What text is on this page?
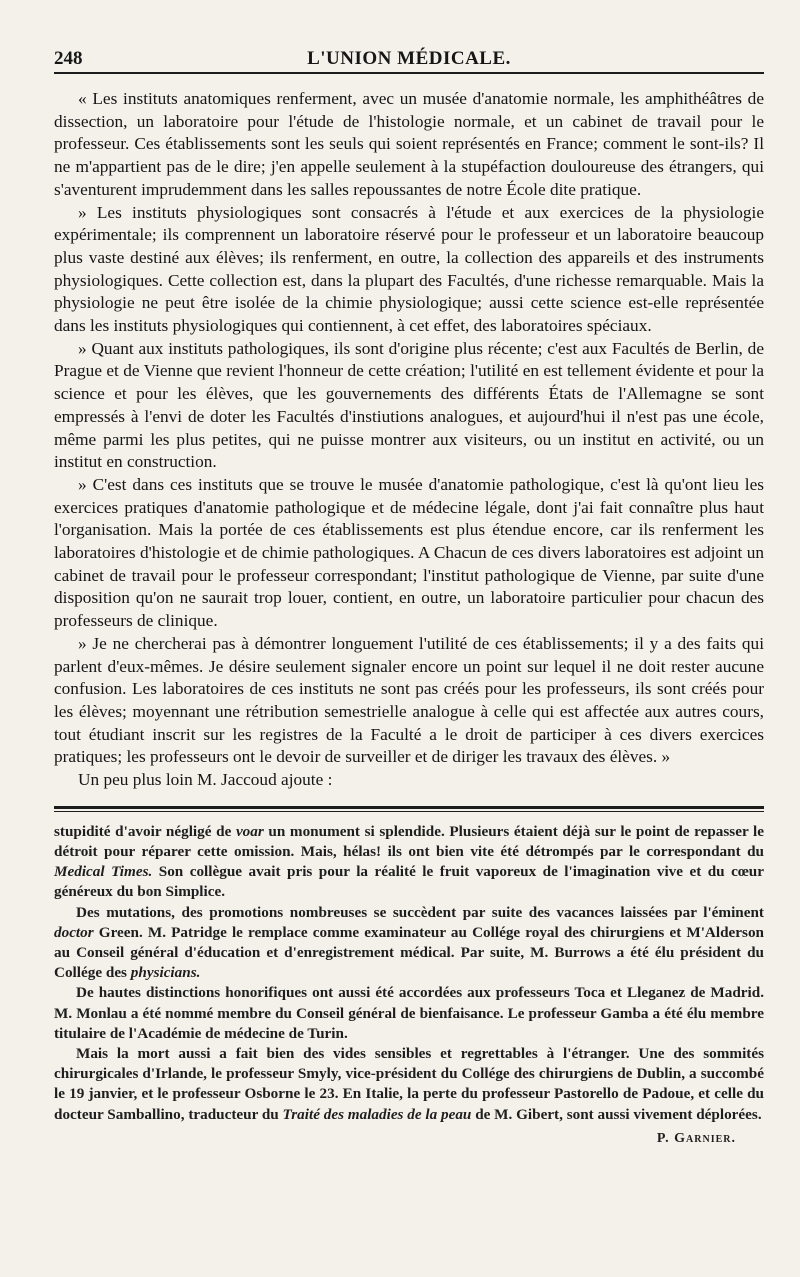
248	L'UNION MÉDICALE.

« Les instituts anatomiques renferment, avec un musée d'anatomie normale, les amphithéâtres de dissection, un laboratoire pour l'étude de l'histologie normale, et un cabinet de travail pour le professeur. Ces établissements sont les seuls qui soient représentés en France; comment le sont-ils? Il ne m'appartient pas de le dire; j'en appelle seulement à la stupéfaction douloureuse des étrangers, qui s'aventurent imprudemment dans les salles repoussantes de notre École dite pratique.

» Les instituts physiologiques sont consacrés à l'étude et aux exercices de la physiologie expérimentale; ils comprennent un laboratoire réservé pour le professeur et un laboratoire beaucoup plus vaste destiné aux élèves; ils renferment, en outre, la collection des appareils et des instruments physiologiques. Cette collection est, dans la plupart des Facultés, d'une richesse remarquable. Mais la physiologie ne peut être isolée de la chimie physiologique; aussi cette science est-elle représentée dans les instituts physiologiques qui contiennent, à cet effet, des laboratoires spéciaux.

» Quant aux instituts pathologiques, ils sont d'origine plus récente; c'est aux Facultés de Berlin, de Prague et de Vienne que revient l'honneur de cette création; l'utilité en est tellement évidente et pour la science et pour les élèves, que les gouvernements des différents États de l'Allemagne se sont empressés à l'envi de doter les Facultés d'instiutions analogues, et aujourd'hui il n'est pas une école, même parmi les plus petites, qui ne puisse montrer aux visiteurs, ou un institut en activité, ou un institut en construction.

» C'est dans ces instituts que se trouve le musée d'anatomie pathologique, c'est là qu'ont lieu les exercices pratiques d'anatomie pathologique et de médecine légale, dont j'ai fait connaître plus haut l'organisation. Mais la portée de ces établissements est plus étendue encore, car ils renferment les laboratoires d'histologie et de chimie pathologiques. A Chacun de ces divers laboratoires est adjoint un cabinet de travail pour le professeur correspondant; l'institut pathologique de Vienne, par suite d'une disposition qu'on ne saurait trop louer, contient, en outre, un laboratoire particulier pour chacun des professeurs de clinique.

» Je ne chercherai pas à démontrer longuement l'utilité de ces établissements; il y a des faits qui parlent d'eux-mêmes. Je désire seulement signaler encore un point sur lequel il ne doit rester aucune confusion. Les laboratoires de ces instituts ne sont pas créés pour les professeurs, ils sont créés pour les élèves; moyennant une rétribution semestrielle analogue à celle qui est affectée aux autres cours, tout étudiant inscrit sur les registres de la Faculté a le droit de participer à ces divers exercices pratiques; les professeurs ont le devoir de surveiller et de diriger les travaux des élèves. »

Un peu plus loin M. Jaccoud ajoute :

stupidité d'avoir négligé de voar un monument si splendide. Plusieurs étaient déjà sur le point de repasser le détroit pour réparer cette omission. Mais, hélas! ils ont bien vite été détrompés par le correspondant du Medical Times. Son collègue avait pris pour la réalité le fruit vaporeux de l'imagination vive et du cœur généreux du bon Simplice.

Des mutations, des promotions nombreuses se succèdent par suite des vacances laissées par l'éminent doctor Green. M. Patridge le remplace comme examinateur au Collége royal des chirurgiens et M'Alderson au Conseil général d'éducation et d'enregistrement médical. Par suite, M. Burrows a été élu président du Collége des physicians.

De hautes distinctions honorifiques ont aussi été accordées aux professeurs Toca et Lleganez de Madrid. M. Monlau a été nommé membre du Conseil général de bienfaisance. Le professeur Gamba a été élu membre titulaire de l'Académie de médecine de Turin.

Mais la mort aussi a fait bien des vides sensibles et regrettables à l'étranger. Une des sommités chirurgicales d'Irlande, le professeur Smyly, vice-président du Collége des chirurgiens de Dublin, a succombé le 19 janvier, et le professeur Osborne le 23. En Italie, la perte du professeur Pastorello de Padoue, et celle du docteur Samballino, traducteur du Traité des maladies de la peau de M. Gibert, sont aussi vivement déplorées.

P. Garnier.
